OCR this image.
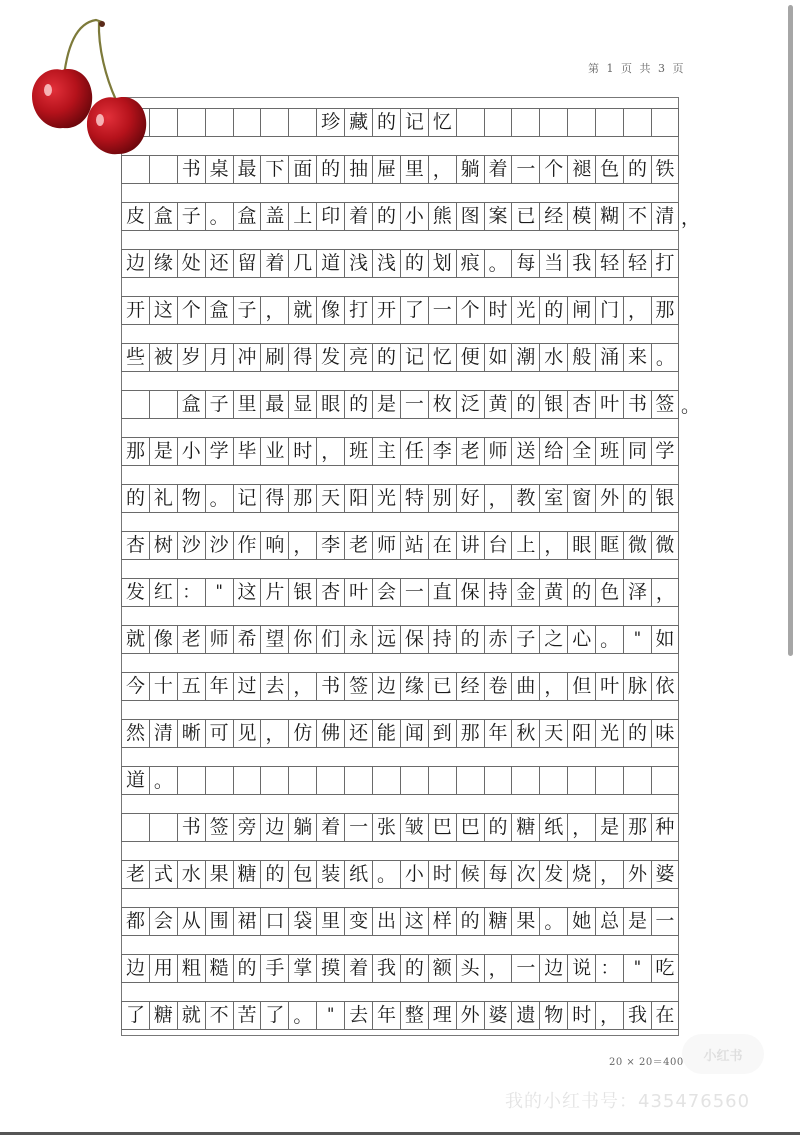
第 1 页 共 3 页
珍 藏 的 记 忆
书 桌 最 下 面 的 抽 屉 里 ， 躺 着 一 个 褪 色 的 铁
皮 盒 子 。 盒 盖 上 印 着 的 小 熊 图 案 已 经 模 糊 不 清
边 缘 处 还 留 着 几 道 浅 浅 的 划 痕 。 每 当 我 轻 轻 打
开 这 个 盒 子 ， 就 像 打 开 了 一 个 时 光 的 闸 门 ， 那
些 被 岁 月 冲 刷 得 发 亮 的 记 忆 便 如 潮 水 般 涌 来 。
盒 子 里 最 显 眼 的 是 一 枚 泛 黄 的 银 杏 叶 书 签
那 是 小 学 毕 业 时 ， 班 主 任 李 老 师 送 给 全 班 同 学
的 礼 物 。 记 得 那 天 阳 光 特 别 好 ， 教 室 窗 外 的 银
杏 树 沙 沙 作 响 ， 李 老 师 站 在 讲 台 上 ， 眼 眶 微 微
发 红 ： " 这 片 银 杏 叶 会 一 直 保 持 金 黄 的 色 泽 ，
就 像 老 师 希 望 你 们 永 远 保 持 的 赤 子 之 心 。 " 如
今 十 五 年 过 去 ， 书 签 边 缘 已 经 卷 曲 ， 但 叶 脉 依
然 清 晰 可 见 ， 仿 佛 还 能 闻 到 那 年 秋 天 阳 光 的 味
道 。
书 签 旁 边 躺 着 一 张 皱 巴 巴 的 糖 纸 ， 是 那 种
老 式 水 果 糖 的 包 装 纸 。 小 时 候 每 次 发 烧 ， 外 婆
都 会 从 围 裙 口 袋 里 变 出 这 样 的 糖 果 。 她 总 是 一
边 用 粗 糙 的 手 掌 摸 着 我 的 额 头 ， 一 边 说 ： " 吃
了 糖 就 不 苦 了 。 " 去 年 整 理 外 婆 遗 物 时 ， 我 在
20 × 20＝400	小红书
我的小红书号：435476560
，
。
